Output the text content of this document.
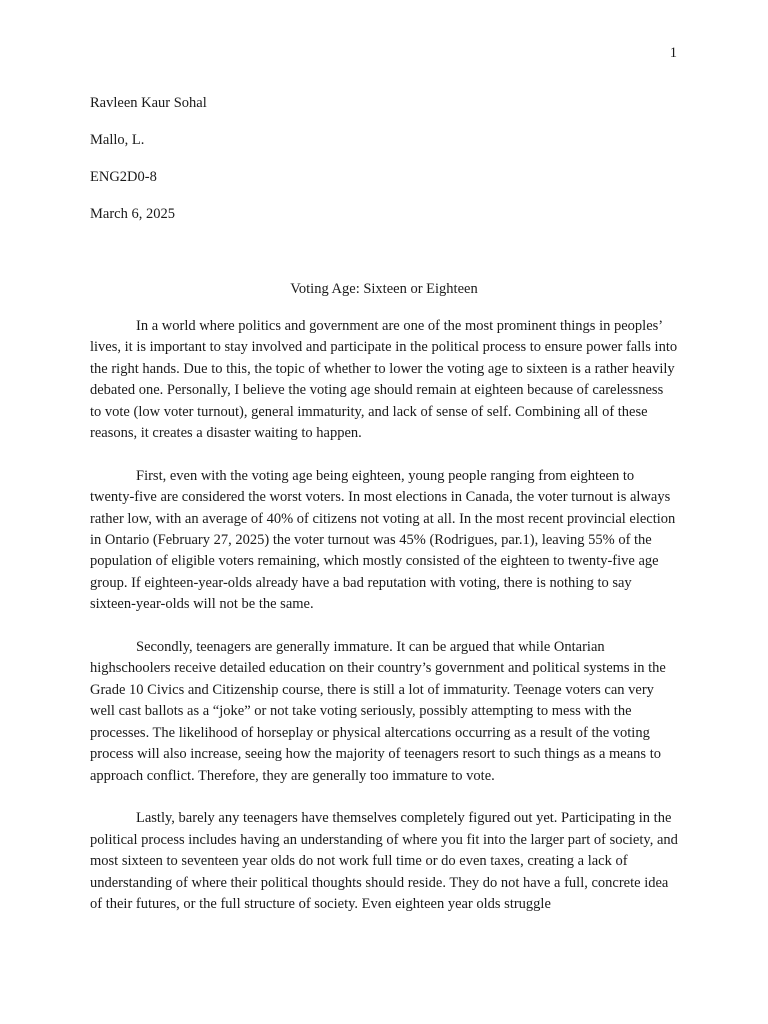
1
Ravleen Kaur Sohal
Mallo, L.
ENG2D0-8
March 6, 2025
Voting Age: Sixteen or Eighteen

In a world where politics and government are one of the most prominent things in peoples’ lives, it is important to stay involved and participate in the political process to ensure power falls into the right hands. Due to this, the topic of whether to lower the voting age to sixteen is a rather heavily debated one. Personally, I believe the voting age should remain at eighteen because of carelessness to vote (low voter turnout), general immaturity, and lack of sense of self. Combining all of these reasons, it creates a disaster waiting to happen.

First, even with the voting age being eighteen, young people ranging from eighteen to twenty-five are considered the worst voters. In most elections in Canada, the voter turnout is always rather low, with an average of 40% of citizens not voting at all. In the most recent provincial election in Ontario (February 27, 2025) the voter turnout was 45% (Rodrigues, par.1), leaving 55% of the population of eligible voters remaining, which mostly consisted of the eighteen to twenty-five age group. If eighteen-year-olds already have a bad reputation with voting, there is nothing to say sixteen-year-olds will not be the same.

Secondly, teenagers are generally immature. It can be argued that while Ontarian highschoolers receive detailed education on their country’s government and political systems in the Grade 10 Civics and Citizenship course, there is still a lot of immaturity. Teenage voters can very well cast ballots as a “joke” or not take voting seriously, possibly attempting to mess with the processes. The likelihood of horseplay or physical altercations occurring as a result of the voting process will also increase, seeing how the majority of teenagers resort to such things as a means to approach conflict. Therefore, they are generally too immature to vote.

Lastly, barely any teenagers have themselves completely figured out yet. Participating in the political process includes having an understanding of where you fit into the larger part of society, and most sixteen to seventeen year olds do not work full time or do even taxes, creating a lack of understanding of where their political thoughts should reside. They do not have a full, concrete idea of their futures, or the full structure of society. Even eighteen year olds struggle
